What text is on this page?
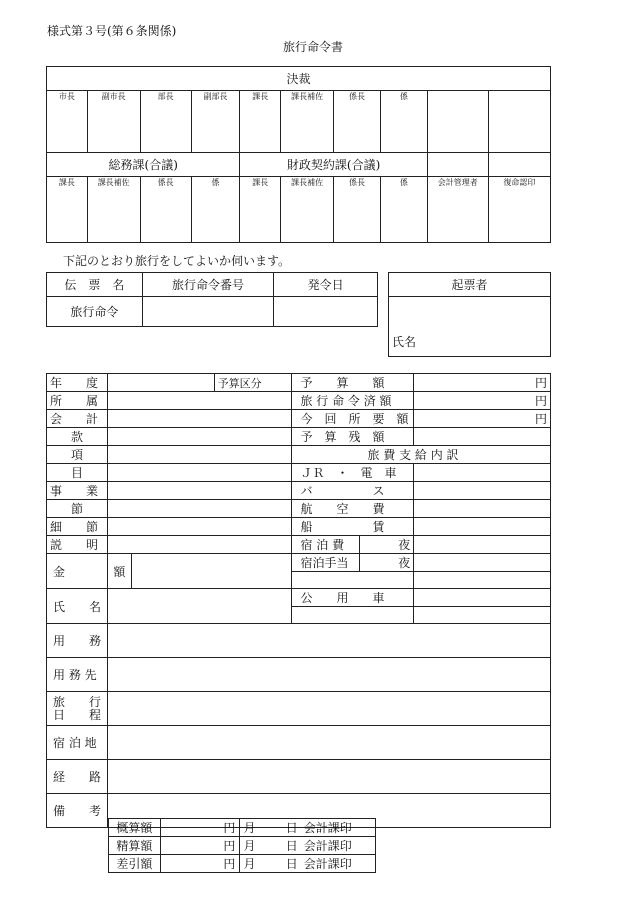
様式第３号(第６条関係)
旅行命令書
決裁									
市長	副市長	部長	副部長	課長	課長補佐	係長	係		
総務課(合議)				財政契約課(合議)					
課長	課長補佐	係長	係	課長	課長補佐	係長	係	会計管理者	復命認印
下記のとおり旅行をしてよいか伺います。
伝　票　名	旅行命令番号	発令日
旅行命令		
起票者
氏名
年　　度			予算区分	予　　算　　額		円
所　　属				旅 行 命 令 済 額		円
会　　計				今　回　所　要　額		円
款				予　算　残　額		
項				旅 費 支 給 内 訳		
目				ＪＲ　・　電　車		
事　　業				バ　　　　　ス		
節				航　　空　　費		
細　　節				船　　　　　賃		
説　　明				宿 泊 費	夜	
金	額			宿泊手当	夜	

氏　　名				公　　用　　車		

用　　務						
用 務 先						

旅　　行
日　　程						

宿 泊 地						
経　　路						
備　　考						
概算額	円	月	日	会計課印
精算額	円	月	日	会計課印
差引額	円	月	日	会計課印
